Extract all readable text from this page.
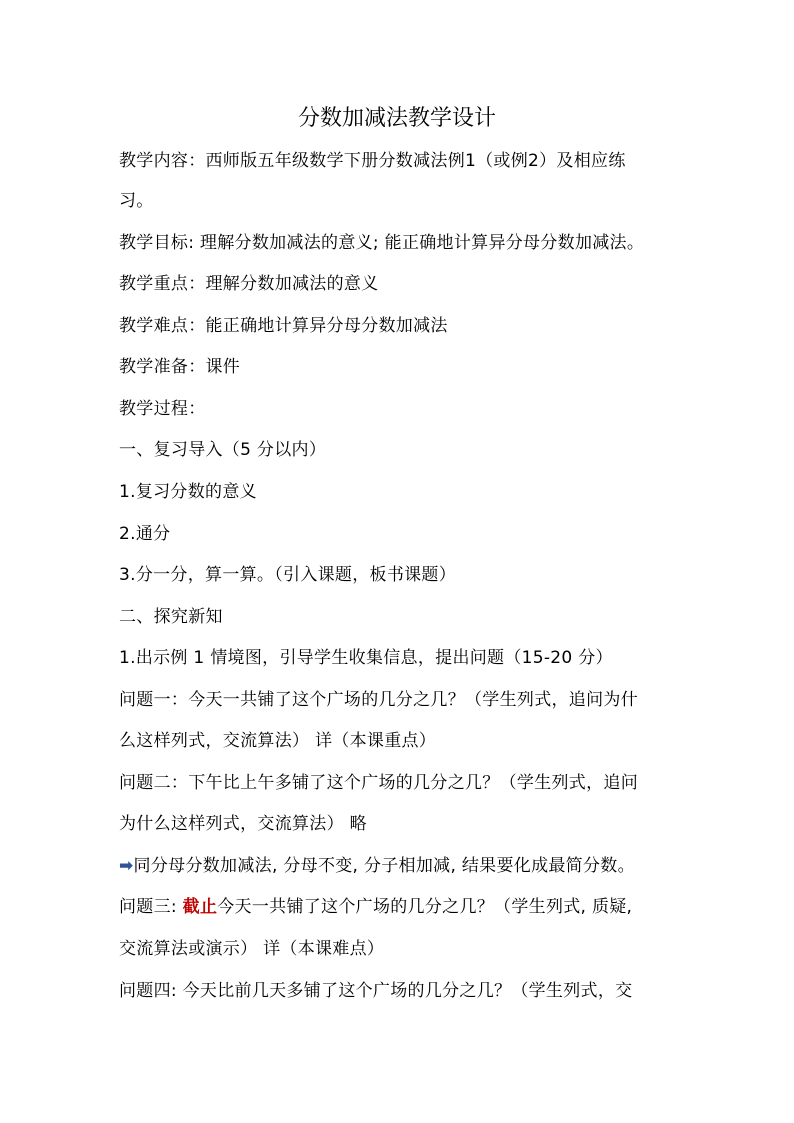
分数加减法教学设计
教学内容：西师版五年级数学下册分数减法例1（或例2）及相应练
习。
教学目标: 理解分数加减法的意义; 能正确地计算异分母分数加减法。
教学重点：理解分数加减法的意义
教学难点：能正确地计算异分母分数加减法
教学准备：课件
教学过程：
一、复习导入（5 分以内）
1.复习分数的意义
2.通分
3.分一分，算一算。（引入课题，板书课题）
二、探究新知
1.出示例 1 情境图，引导学生收集信息，提出问题（15-20 分）
问题一：今天一共铺了这个广场的几分之几？（学生列式，追问为什
么这样列式，交流算法） 详（本课重点）
问题二：下午比上午多铺了这个广场的几分之几？（学生列式，追问
为什么这样列式，交流算法） 略
➡同分母分数加减法, 分母不变, 分子相加减, 结果要化成最简分数。
问题三: 截止今天一共铺了这个广场的几分之几？（学生列式, 质疑,
交流算法或演示） 详（本课难点）
问题四: 今天比前几天多铺了这个广场的几分之几？（学生列式，交
